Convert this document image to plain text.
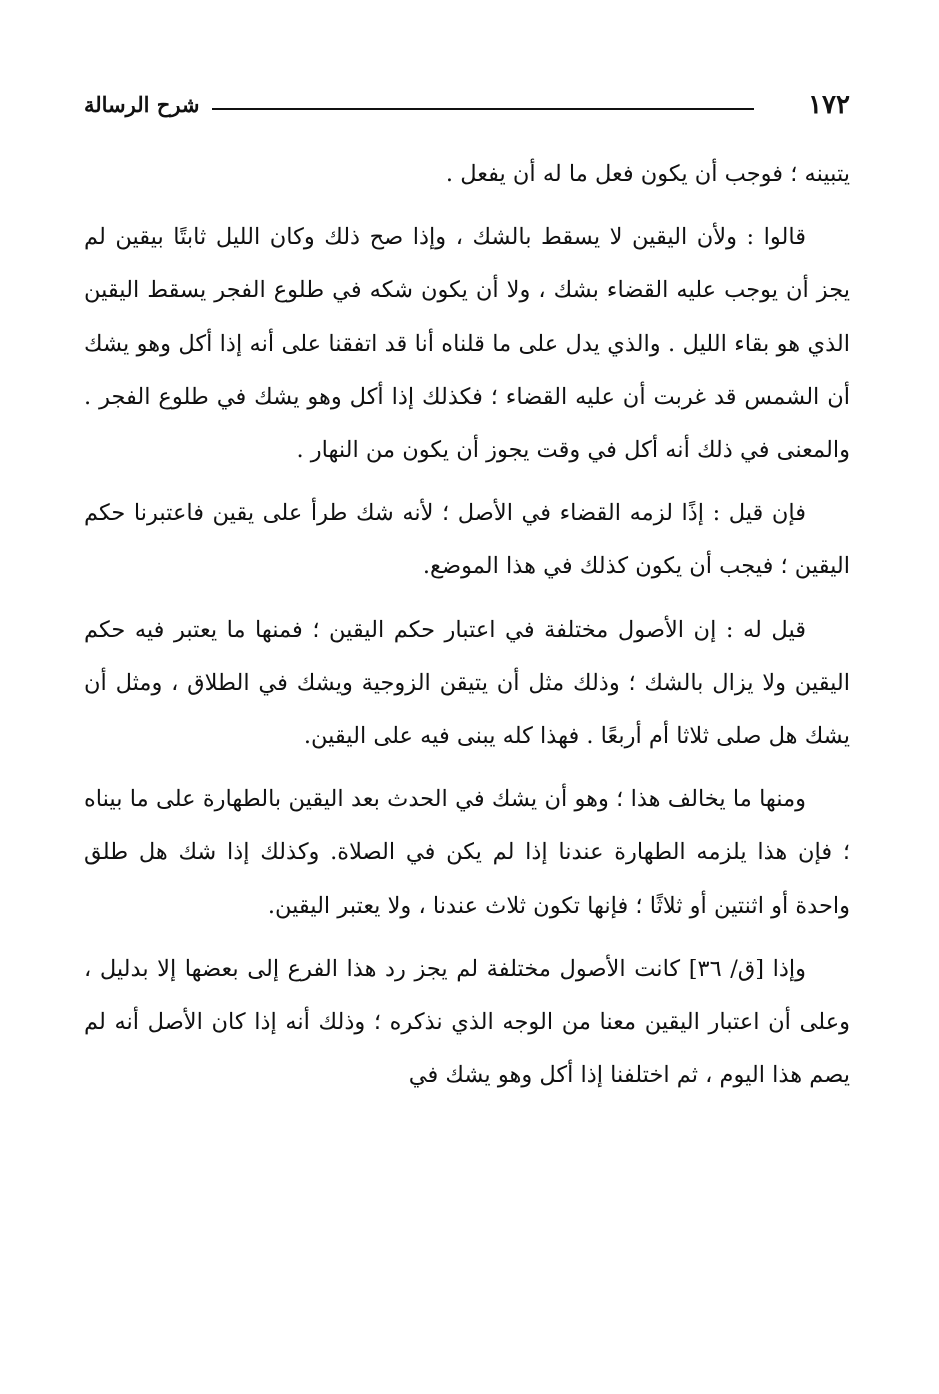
١٧٢
شرح الرسالة

يتبينه ؛ فوجب أن يكون فعل ما له أن يفعل .

قالوا : ولأن اليقين لا يسقط بالشك ، وإذا صح ذلك وكان الليل ثابتًا بيقين لم يجز أن يوجب عليه القضاء بشك ، ولا أن يكون شكه في طلوع الفجر يسقط اليقين الذي هو بقاء الليل . والذي يدل على ما قلناه أنا قد اتفقنا على أنه إذا أكل وهو يشك أن الشمس قد غربت أن عليه القضاء ؛ فكذلك إذا أكل وهو يشك في طلوع الفجر . والمعنى في ذلك أنه أكل في وقت يجوز أن يكون من النهار .

فإن قيل : إذًا لزمه القضاء في الأصل ؛ لأنه شك طرأ على يقين فاعتبرنا حكم اليقين ؛ فيجب أن يكون كذلك في هذا الموضع.

قيل له : إن الأصول مختلفة في اعتبار حكم اليقين ؛ فمنها ما يعتبر فيه حكم اليقين ولا يزال بالشك ؛ وذلك مثل أن يتيقن الزوجية ويشك في الطلاق ، ومثل أن يشك هل صلى ثلاثا أم أربعًا . فهذا كله يبنى فيه على اليقين.

ومنها ما يخالف هذا ؛ وهو أن يشك في الحدث بعد اليقين بالطهارة على ما بيناه ؛ فإن هذا يلزمه الطهارة عندنا إذا لم يكن في الصلاة. وكذلك إذا شك هل طلق واحدة أو اثنتين أو ثلاثًا ؛ فإنها تكون ثلاث عندنا ، ولا يعتبر اليقين.

وإذا [ق/ ٣٦] كانت الأصول مختلفة لم يجز رد هذا الفرع إلى بعضها إلا بدليل ، وعلى أن اعتبار اليقين معنا من الوجه الذي نذكره ؛ وذلك أنه إذا كان الأصل أنه لم يصم هذا اليوم ، ثم اختلفنا إذا أكل وهو يشك في
